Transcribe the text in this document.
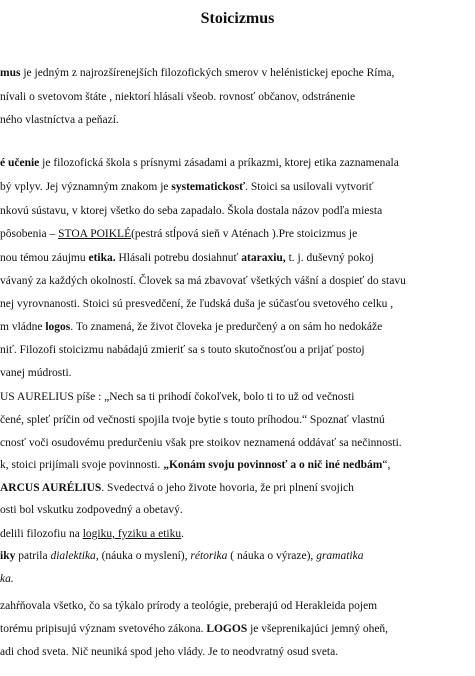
Stoicizmus
mus je jedným z najrozšírenejších filozofických smerov v helénistickej epoche Ríma,
nívali o svetovom štáte , niektorí hlásali všeob. rovnosť občanov, odstránenie
ného vlastníctva a peňazí.
é učenie je filozofická škola s prísnymi zásadami a príkazmi, ktorej etika zaznamenala
bý vplyv. Jej významným znakom je systematickosť. Stoici sa usilovali vytvoriť
nkovú sústavu, v ktorej všetko do seba zapadalo. Škola dostala názov podľa miesta
pôsobenia – STOA POIKLÉ(pestrá stĺpová sieň v Aténach ).Pre stoicizmus je
nou témou záujmu etika. Hlásali potrebu dosiahnuť ataraxiu, t. j. duševný pokoj
vávaný za každých okolností. Človek sa má zbavovať všetkých vášní a dospieť do stavu
nej vyrovnanosti. Stoici sú presvedčení, že ľudská duša je súčasťou svetového celku ,
m vládne logos. To znamená, že život človeka je predurčený a on sám ho nedokáže
niť. Filozofi stoicizmu nabádajú zmieriť sa s touto skutočnosťou a prijať postoj
vanej múdrosti.
US AURELIUS píše : „Nech sa ti prihodí čokoľvek, bolo ti to už od večnosti
čené, spleť príčin od večnosti spojila tvoje bytie s touto príhodou.“ Spoznať vlastnú
cnosť voči osudovému predurčeniu však pre stoikov neznamená oddávať sa nečinnosti.
k, stoici prijímali svoje povinnosti. „Konám svoju povinnosť a o nič iné nedbám“,
ARCUS AURÉLIUS. Svedectvá o jeho živote hovoria, že pri plnení svojich
osti bol vskutku zodpovedný a obetavý.
delili filozofiu na logiku, fyziku a etiku.
iky patrila dialektika, (náuka o myslení), rétorika ( náuka o výraze), gramatika
ka.
zahŕňovala všetko, čo sa týkalo prírody a teológie, preberajú od Herakleida pojem
torému pripisujú význam svetového zákona. LOGOS je všeprenikajúci jemný oheň,
adi chod sveta. Nič neuniká spod jeho vlády. Je to neodvratný osud sveta.
